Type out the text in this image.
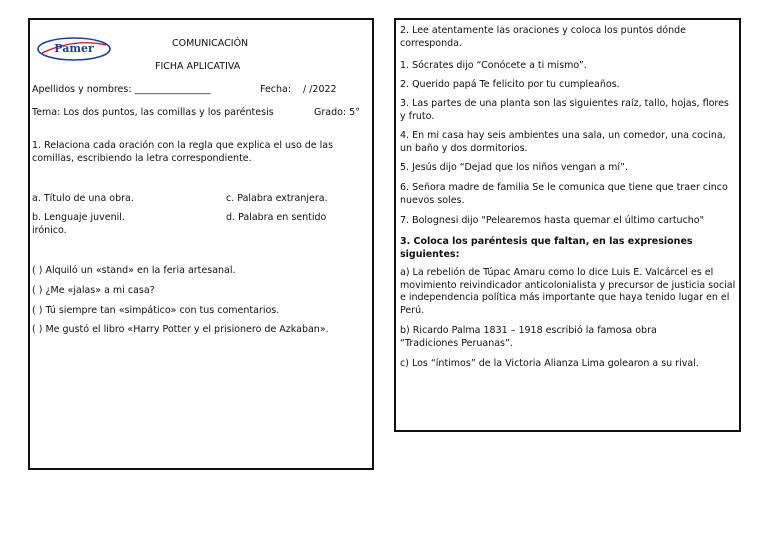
Pamer	COMUNICACIÓN
FICHA APLICATIVA
Apellidos y nombres: ________________	Fecha: / /2022
Tema: Los dos puntos, las comillas y los paréntesis	Grado: 5°
1. Relaciona cada oración con la regla que explica el uso de las comillas, escribiendo la letra correspondiente.
a. Título de una obra.	c. Palabra extranjera.
b. Lenguaje juvenil.	d. Palabra en sentido irónico.
( ) Alquiló un «stand» en la feria artesanal.
( ) ¿Me «jalas» a mi casa?
( ) Tú siempre tan «simpático» con tus comentarios.
( ) Me gustó el libro «Harry Potter y el prisionero de Azkaban».
2. Lee atentamente las oraciones y coloca los puntos dónde corresponda.
1. Sócrates dijo “Conócete a ti mismo”.
2. Querido papá Te felicito por tu cumpleaños.
3. Las partes de una planta son las siguientes raíz, tallo, hojas, flores y fruto.
4. En mi casa hay seis ambientes una sala, un comedor, una cocina, un baño y dos dormitorios.
5. Jesús dijo “Dejad que los niños vengan a mí”.
6. Señora madre de familia Se le comunica que tiene que traer cinco nuevos soles.
7. Bolognesi dijo "Pelearemos hasta quemar el último cartucho"
3. Coloca los paréntesis que faltan, en las expresiones siguientes:
a) La rebelión de Túpac Amaru como lo dice Luis E. Valcárcel es el movimiento reivindicador anticolonialista y precursor de justicia social e independencia política más importante que haya tenido lugar en el Perú.
b) Ricardo Palma 1831 – 1918 escribió la famosa obra “Tradiciones Peruanas”.
c) Los “íntimos” de la Victoria Alianza Lima golearon a su rival.
